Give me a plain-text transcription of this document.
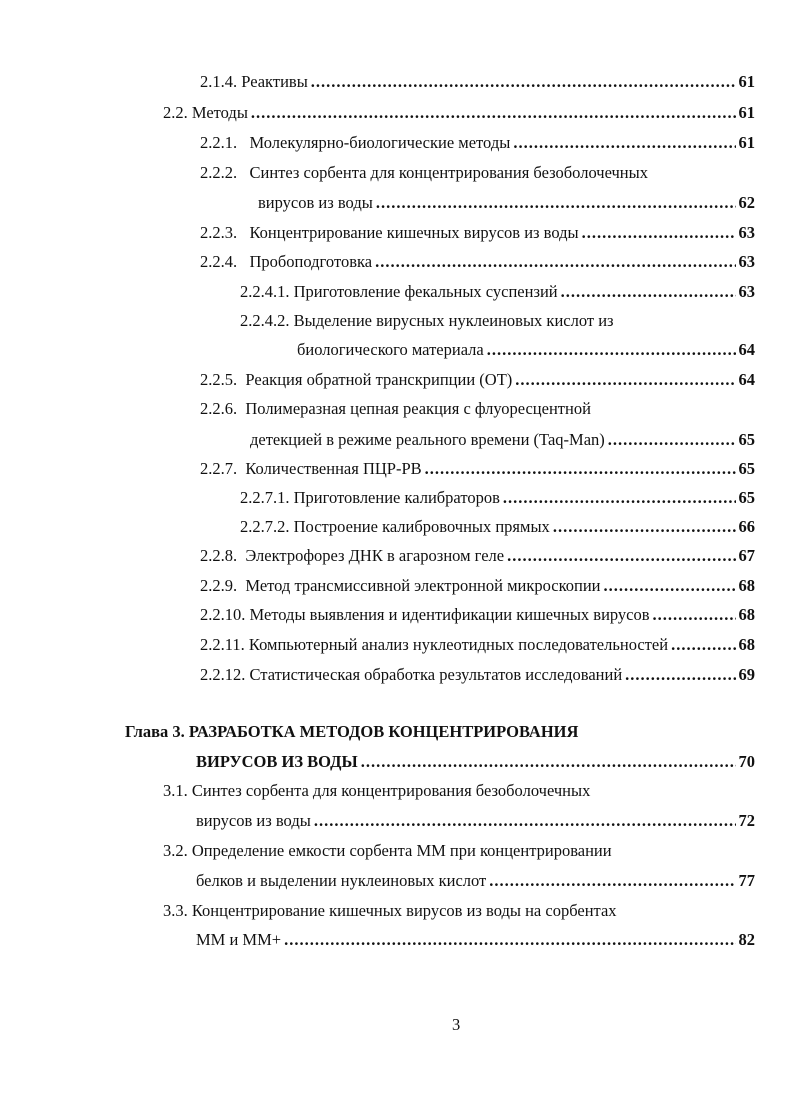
2.1.4. Реактивы .....	61
2.2. Методы .....	61
2.2.1.   Молекулярно-биологические методы .....	61
2.2.2.   Синтез сорбента для концентрирования безоболочечных
вирусов из воды .....	62
2.2.3.   Концентрирование кишечных вирусов из воды .....	63
2.2.4.   Пробоподготовка .....	63
2.2.4.1. Приготовление фекальных суспензий .....	63
2.2.4.2. Выделение вирусных нуклеиновых кислот из
биологического материала .....	64
2.2.5.  Реакция обратной транскрипции (ОТ) .....	64
2.2.6.  Полимеразная цепная реакция с флуоресцентной
детекцией в режиме реального времени (Taq-Man) .....	65
2.2.7.  Количественная ПЦР-РВ .....	65
2.2.7.1. Приготовление калибраторов .....	65
2.2.7.2. Построение калибровочных прямых .....	66
2.2.8.  Электрофорез ДНК в агарозном геле .....	67
2.2.9.  Метод трансмиссивной электронной микроскопии .....	68
2.2.10. Методы выявления и идентификации кишечных вирусов .....	68
2.2.11. Компьютерный анализ нуклеотидных последовательностей .....	68
2.2.12. Статистическая обработка результатов исследований .....	69
Глава 3. РАЗРАБОТКА МЕТОДОВ КОНЦЕНТРИРОВАНИЯ
ВИРУСОВ ИЗ ВОДЫ .....	70
3.1. Синтез сорбента для концентрирования безоболочечных
вирусов из воды .....	72
3.2. Определение емкости сорбента ММ при концентрировании
белков и выделении нуклеиновых кислот .....	77
3.3. Концентрирование кишечных вирусов из воды на сорбентах
ММ и ММ+ .....	82
3
